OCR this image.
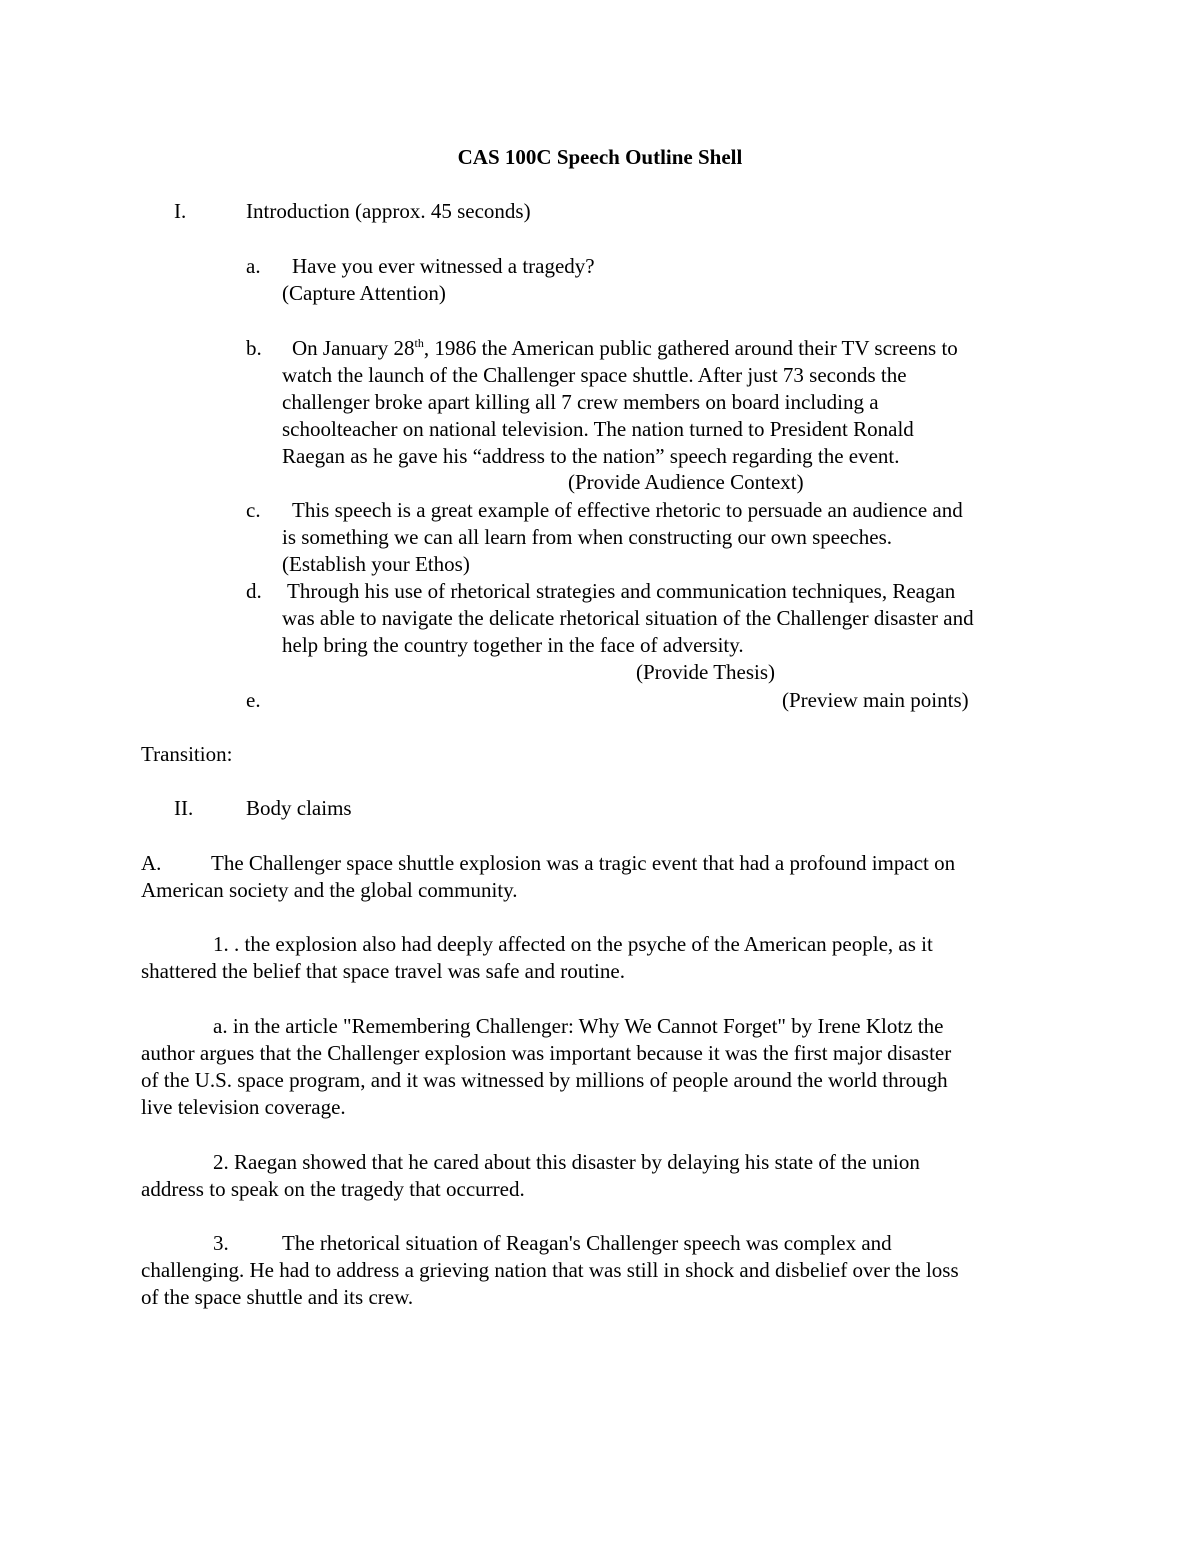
CAS 100C Speech Outline Shell
I.	Introduction (approx. 45 seconds)
a. Have you ever witnessed a tragedy?
(Capture Attention)
b. On January 28th, 1986 the American public gathered around their TV screens to
watch the launch of the Challenger space shuttle. After just 73 seconds the
challenger broke apart killing all 7 crew members on board including a
schoolteacher on national television. The nation turned to President Ronald
Raegan as he gave his “address to the nation” speech regarding the event.
(Provide Audience Context)
c. This speech is a great example of effective rhetoric to persuade an audience and
is something we can all learn from when constructing our own speeches.
(Establish your Ethos)
d. Through his use of rhetorical strategies and communication techniques, Reagan
was able to navigate the delicate rhetorical situation of the Challenger disaster and
help bring the country together in the face of adversity.
(Provide Thesis)
e.	(Preview main points)
Transition:
II.	Body claims
A. The Challenger space shuttle explosion was a tragic event that had a profound impact on
American society and the global community.
1. . the explosion also had deeply affected on the psyche of the American people, as it
shattered the belief that space travel was safe and routine.
a. in the article "Remembering Challenger: Why We Cannot Forget" by Irene Klotz the
author argues that the Challenger explosion was important because it was the first major disaster
of the U.S. space program, and it was witnessed by millions of people around the world through
live television coverage.
2. Raegan showed that he cared about this disaster by delaying his state of the union
address to speak on the tragedy that occurred.
3.	The rhetorical situation of Reagan's Challenger speech was complex and
challenging. He had to address a grieving nation that was still in shock and disbelief over the loss
of the space shuttle and its crew.
